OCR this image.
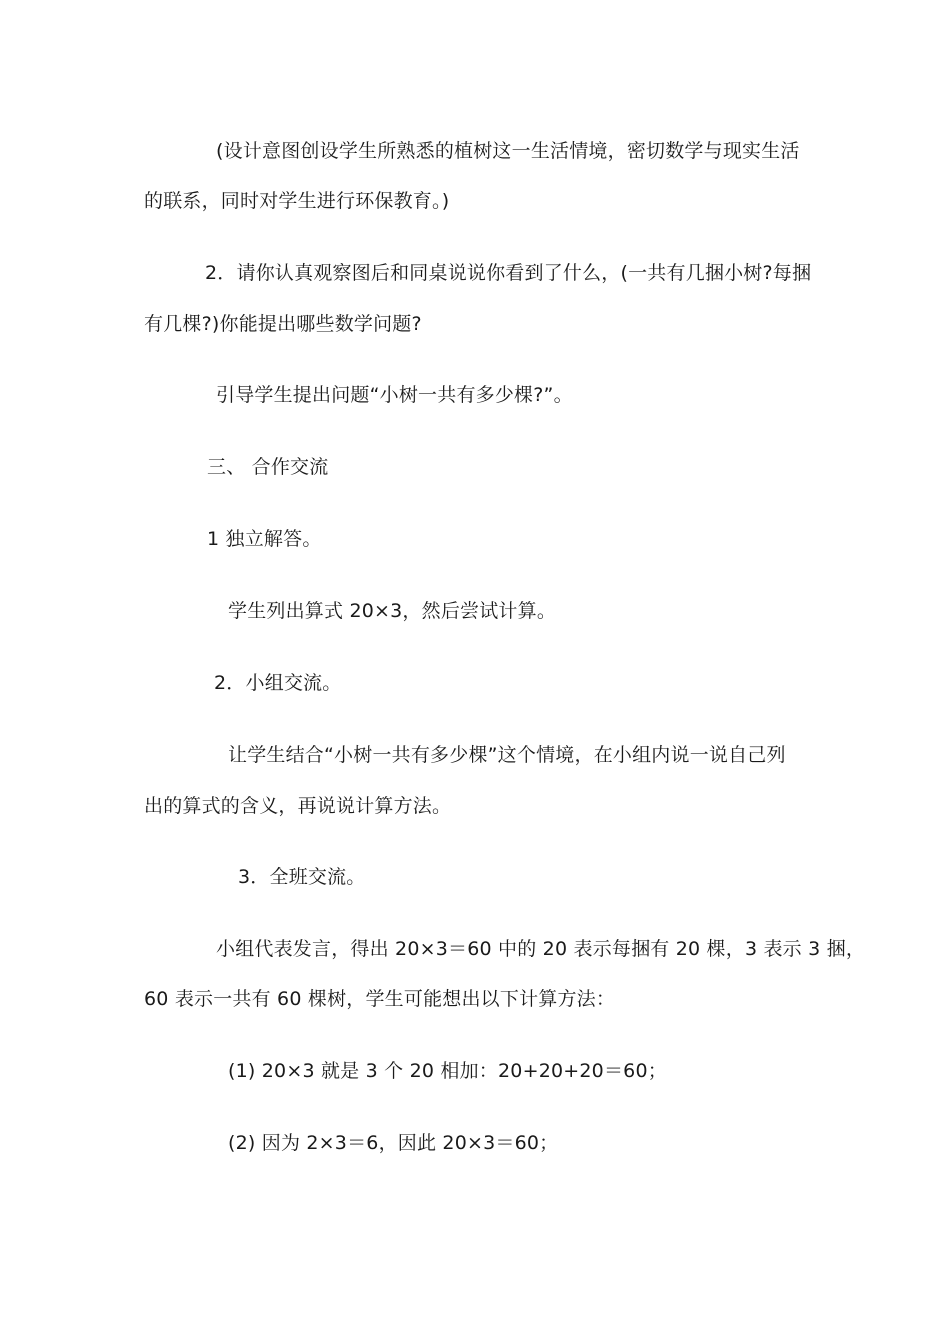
(设计意图创设学生所熟悉的植树这一生活情境，密切数学与现实生活
的联系，同时对学生进行环保教育。)
2．请你认真观察图后和同桌说说你看到了什么，(一共有几捆小树?每捆
有几棵?)你能提出哪些数学问题?
引导学生提出问题“小树一共有多少棵?”。
三、 合作交流
1 独立解答。
学生列出算式 20×3，然后尝试计算。
2．小组交流。
让学生结合“小树一共有多少棵”这个情境，在小组内说一说自己列
出的算式的含义，再说说计算方法。
3．全班交流。
小组代表发言，得出 20×3＝60 中的 20 表示每捆有 20 棵，3 表示 3 捆，
60 表示一共有 60 棵树，学生可能想出以下计算方法：
(1) 20×3 就是 3 个 20 相加：20+20+20＝60；
(2) 因为 2×3＝6，因此 20×3＝60；
